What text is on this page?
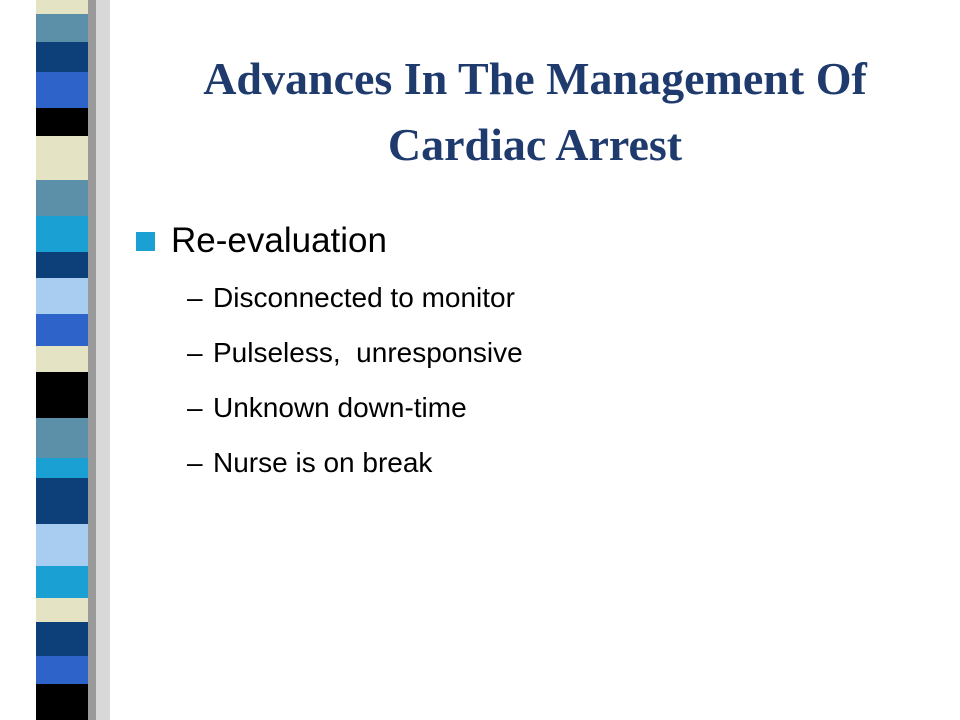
Advances In The Management Of
Cardiac Arrest
Re-evaluation
– Disconnected to monitor
– Pulseless,  unresponsive
– Unknown down-time
– Nurse is on break
